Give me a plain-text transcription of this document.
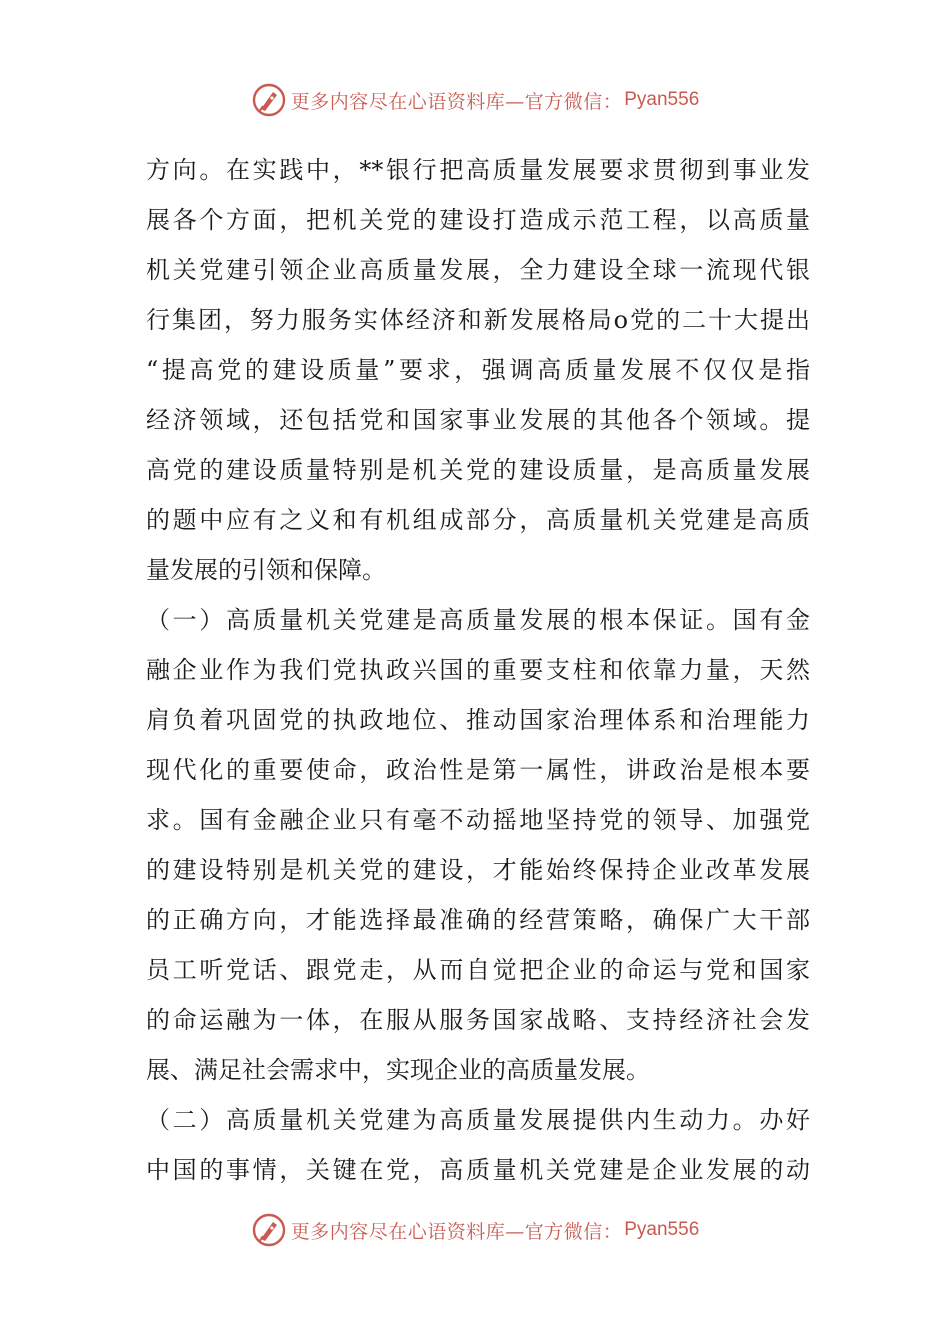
更多内容尽在心语资料库—官方微信： Pyan556
方向。在实践中，**银行把高质量发展要求贯彻到事业发
展各个方面，把机关党的建设打造成示范工程，以高质量
机关党建引领企业高质量发展，全力建设全球一流现代银
行集团，努力服务实体经济和新发展格局o党的二十大提出
“提高党的建设质量”要求，强调高质量发展不仅仅是指
经济领域，还包括党和国家事业发展的其他各个领域。提
高党的建设质量特别是机关党的建设质量，是高质量发展
的题中应有之义和有机组成部分，高质量机关党建是高质
量发展的引领和保障。
（一）高质量机关党建是高质量发展的根本保证。国有金
融企业作为我们党执政兴国的重要支柱和依靠力量，天然
肩负着巩固党的执政地位、推动国家治理体系和治理能力
现代化的重要使命，政治性是第一属性，讲政治是根本要
求。国有金融企业只有毫不动摇地坚持党的领导、加强党
的建设特别是机关党的建设，才能始终保持企业改革发展
的正确方向，才能选择最准确的经营策略，确保广大干部
员工听党话、跟党走，从而自觉把企业的命运与党和国家
的命运融为一体，在服从服务国家战略、支持经济社会发
展、满足社会需求中，实现企业的高质量发展。
（二）高质量机关党建为高质量发展提供内生动力。办好
中国的事情，关键在党，高质量机关党建是企业发展的动
更多内容尽在心语资料库—官方微信： Pyan556
